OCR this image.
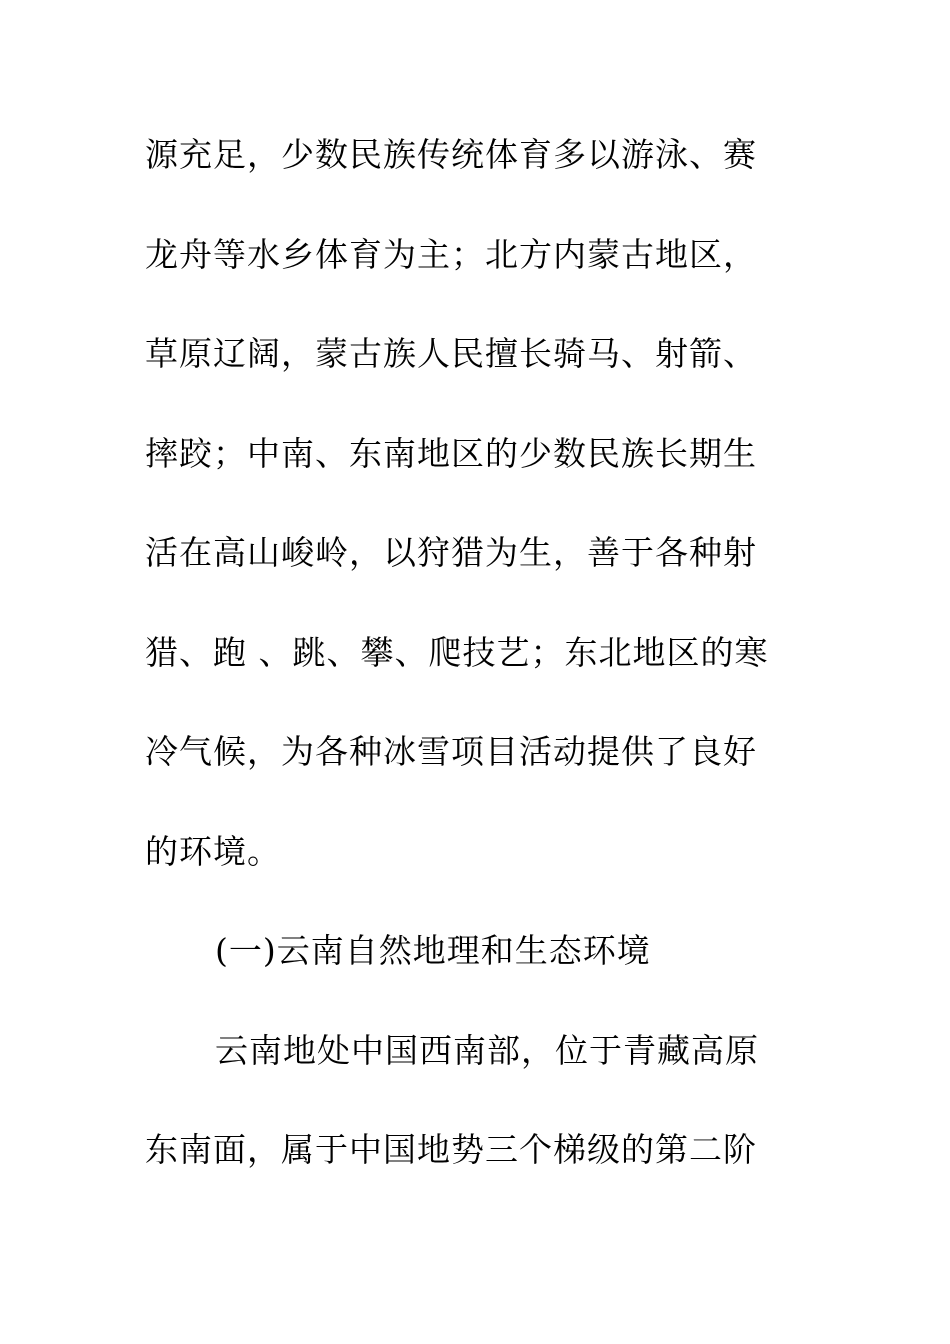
源充足，少数民族传统体育多以游泳、赛
龙舟等水乡体育为主；北方内蒙古地区，
草原辽阔，蒙古族人民擅长骑马、射箭、
摔跤；中南、东南地区的少数民族长期生
活在高山峻岭，以狩猎为生，善于各种射
猎、跑 、跳、攀、爬技艺；东北地区的寒
冷气候，为各种冰雪项目活动提供了良好
的环境。
(一)云南自然地理和生态环境
云南地处中国西南部，位于青藏高原
东南面，属于中国地势三个梯级的第二阶
